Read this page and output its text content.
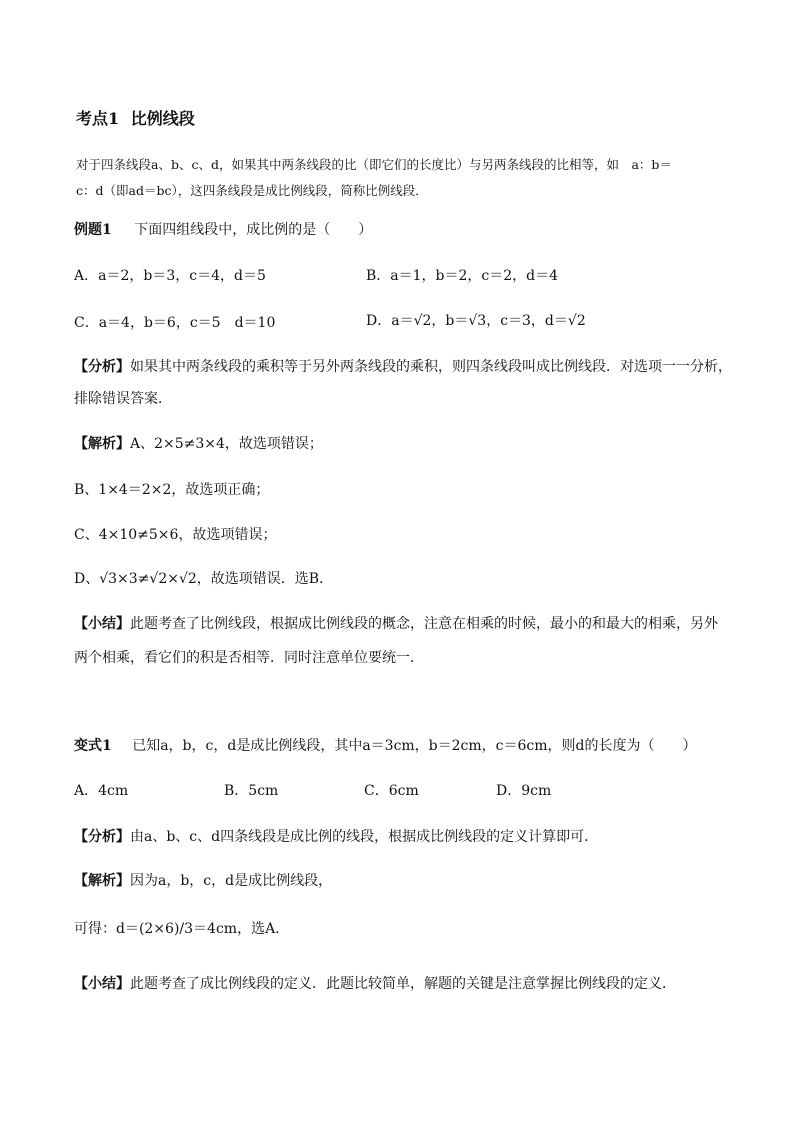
考点1 比例线段
对于四条线段a、b、c、d，如果其中两条线段的比（即它们的长度比）与另两条线段的比相等，如　a：b＝
c：d（即ad＝bc），这四条线段是成比例线段，简称比例线段．
例题1 下面四组线段中，成比例的是（　　）
A．a＝2，b＝3，c＝4，d＝5	B．a＝1，b＝2，c＝2，d＝4
C．a＝4，b＝6，c＝5　d＝10	D．a＝√2，b＝√3，c＝3，d＝√2
【分析】如果其中两条线段的乘积等于另外两条线段的乘积，则四条线段叫成比例线段．对选项一一分析，
排除错误答案．
【解析】A、2×5≠3×4，故选项错误；
B、1×4＝2×2，故选项正确；
C、4×10≠5×6，故选项错误；
D、√3×3≠√2×√2，故选项错误．选B．
【小结】此题考查了比例线段，根据成比例线段的概念，注意在相乘的时候，最小的和最大的相乘，另外
两个相乘，看它们的积是否相等．同时注意单位要统一．
变式1 已知a，b，c，d是成比例线段，其中a＝3cm，b＝2cm，c＝6cm，则d的长度为（　　）
A．4cm	B．5cm	C．6cm	D．9cm
【分析】由a、b、c、d四条线段是成比例的线段，根据成比例线段的定义计算即可．
【解析】因为a，b，c，d是成比例线段，
可得：d＝(2×6)/3＝4cm，选A．
【小结】此题考查了成比例线段的定义．此题比较简单，解题的关键是注意掌握比例线段的定义．
